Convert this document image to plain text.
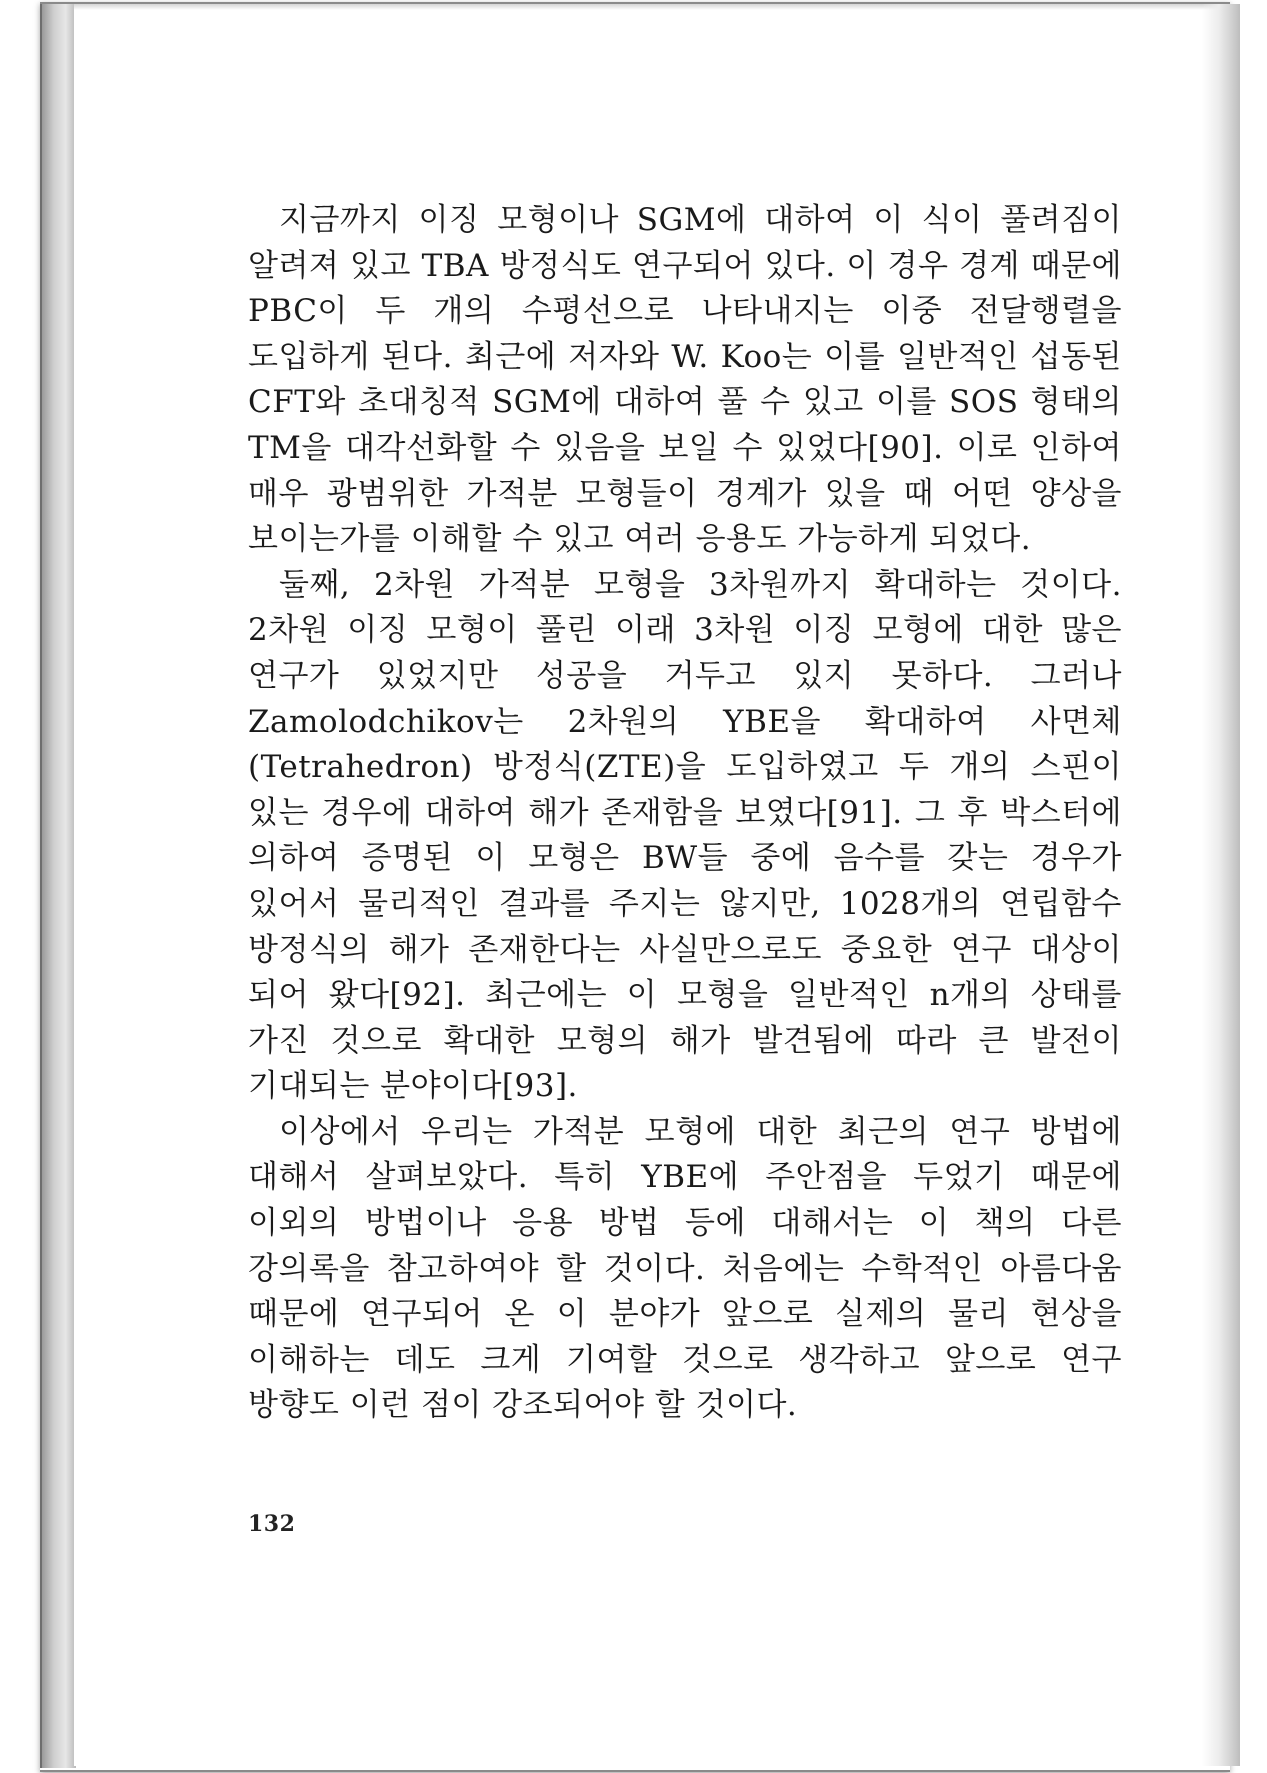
지금까지 이징 모형이나 SGM에 대하여 이 식이 풀려짐이 알려져 있고 TBA 방정식도 연구되어 있다. 이 경우 경계 때문에 PBC이 두 개의 수평선으로 나타내지는 이중 전달행렬을 도입하게 된다. 최근에 저자와 W. Koo는 이를 일반적인 섭동된 CFT와 초대칭적 SGM에 대하여 풀 수 있고 이를 SOS 형태의 TM을 대각선화할 수 있음을 보일 수 있었다[90]. 이로 인하여 매우 광범위한 가적분 모형들이 경계가 있을 때 어떤 양상을 보이는가를 이해할 수 있고 여러 응용도 가능하게 되었다.

둘째, 2차원 가적분 모형을 3차원까지 확대하는 것이다. 2차원 이징 모형이 풀린 이래 3차원 이징 모형에 대한 많은 연구가 있었지만 성공을 거두고 있지 못하다. 그러나 Zamolodchikov는 2차원의 YBE을 확대하여 사면체(Tetrahedron) 방정식(ZTE)을 도입하였고 두 개의 스핀이 있는 경우에 대하여 해가 존재함을 보였다[91]. 그 후 박스터에 의하여 증명된 이 모형은 BW들 중에 음수를 갖는 경우가 있어서 물리적인 결과를 주지는 않지만, 1028개의 연립함수 방정식의 해가 존재한다는 사실만으로도 중요한 연구 대상이 되어 왔다[92]. 최근에는 이 모형을 일반적인 n개의 상태를 가진 것으로 확대한 모형의 해가 발견됨에 따라 큰 발전이 기대되는 분야이다[93].

이상에서 우리는 가적분 모형에 대한 최근의 연구 방법에 대해서 살펴보았다. 특히 YBE에 주안점을 두었기 때문에 이외의 방법이나 응용 방법 등에 대해서는 이 책의 다른 강의록을 참고하여야 할 것이다. 처음에는 수학적인 아름다움 때문에 연구되어 온 이 분야가 앞으로 실제의 물리 현상을 이해하는 데도 크게 기여할 것으로 생각하고 앞으로 연구 방향도 이런 점이 강조되어야 할 것이다.

132
